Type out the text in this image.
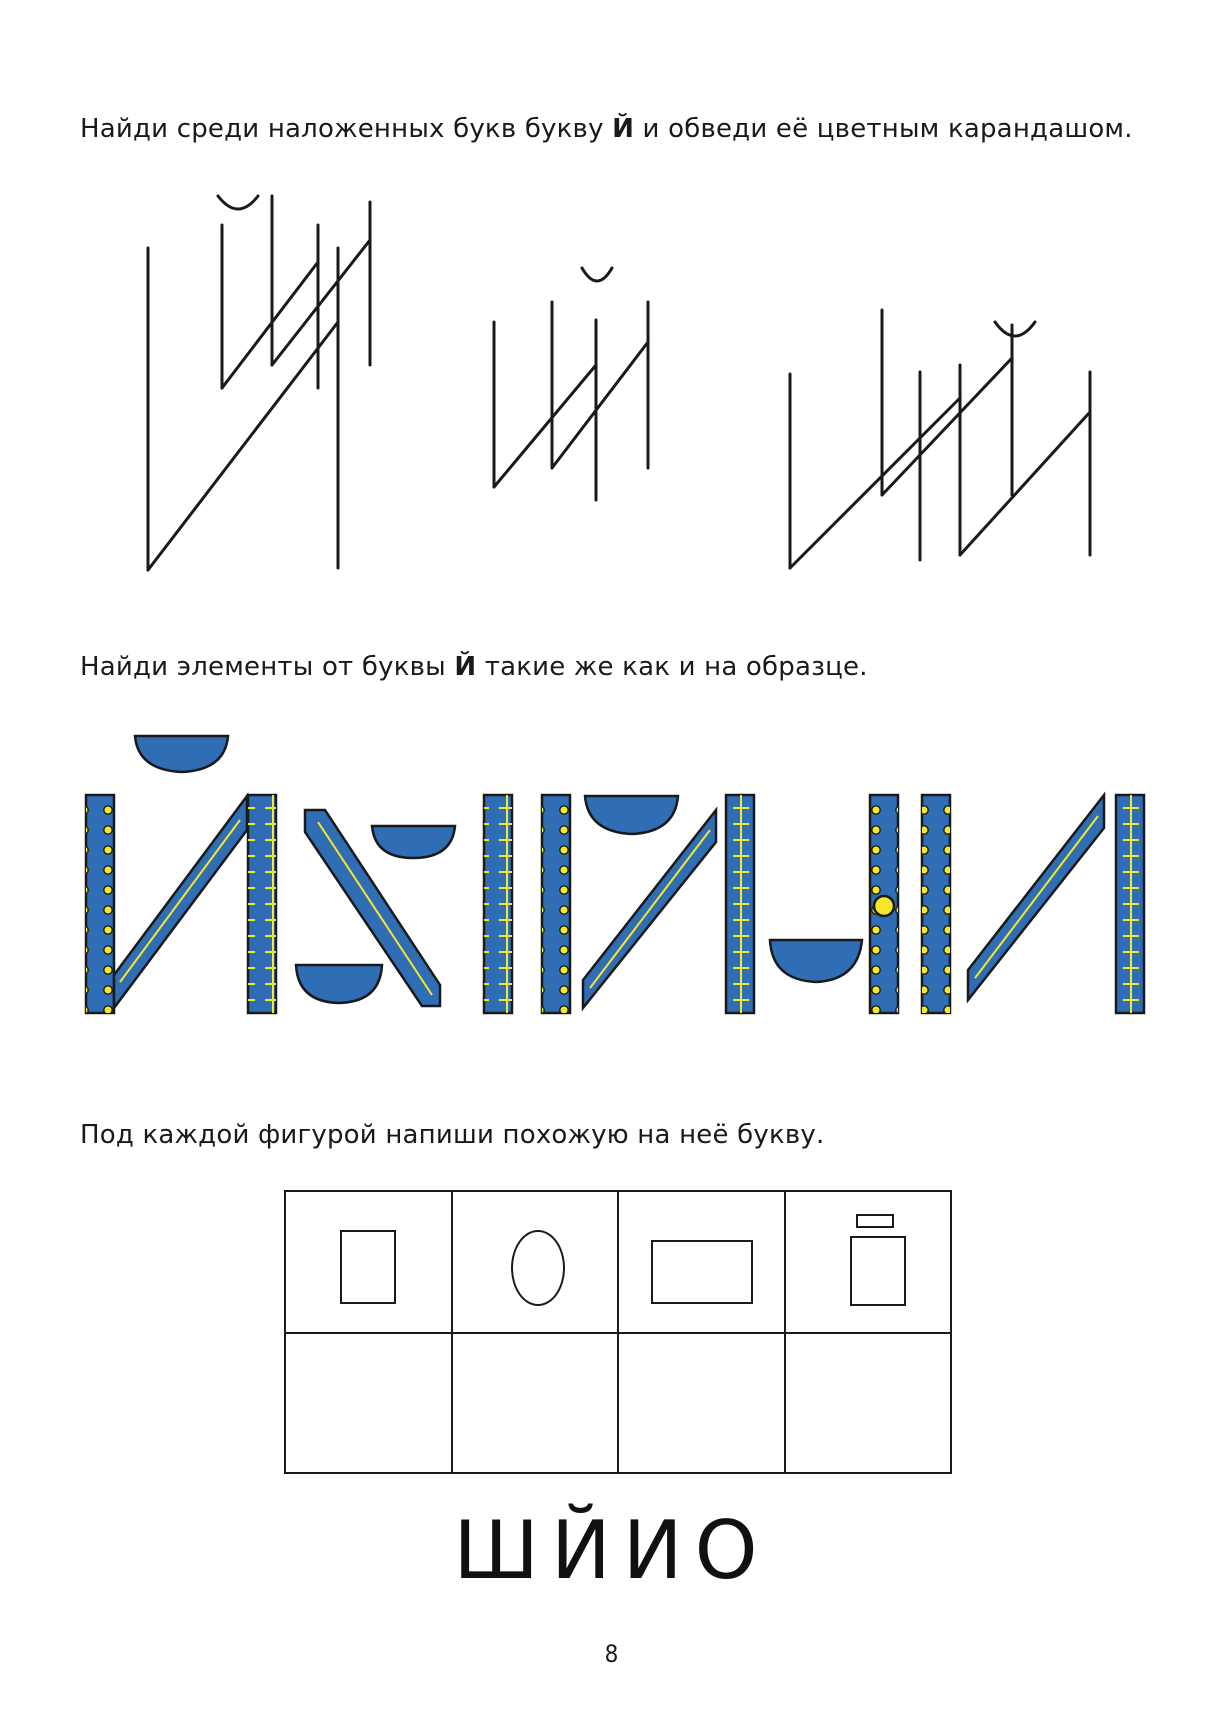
Найди среди наложенных букв букву Й и обведи её цветным карандашом.
Найди элементы от буквы Й такие же как и на образце.
Под каждой фигурой напиши похожую на неё букву.

ШЙИО
8
